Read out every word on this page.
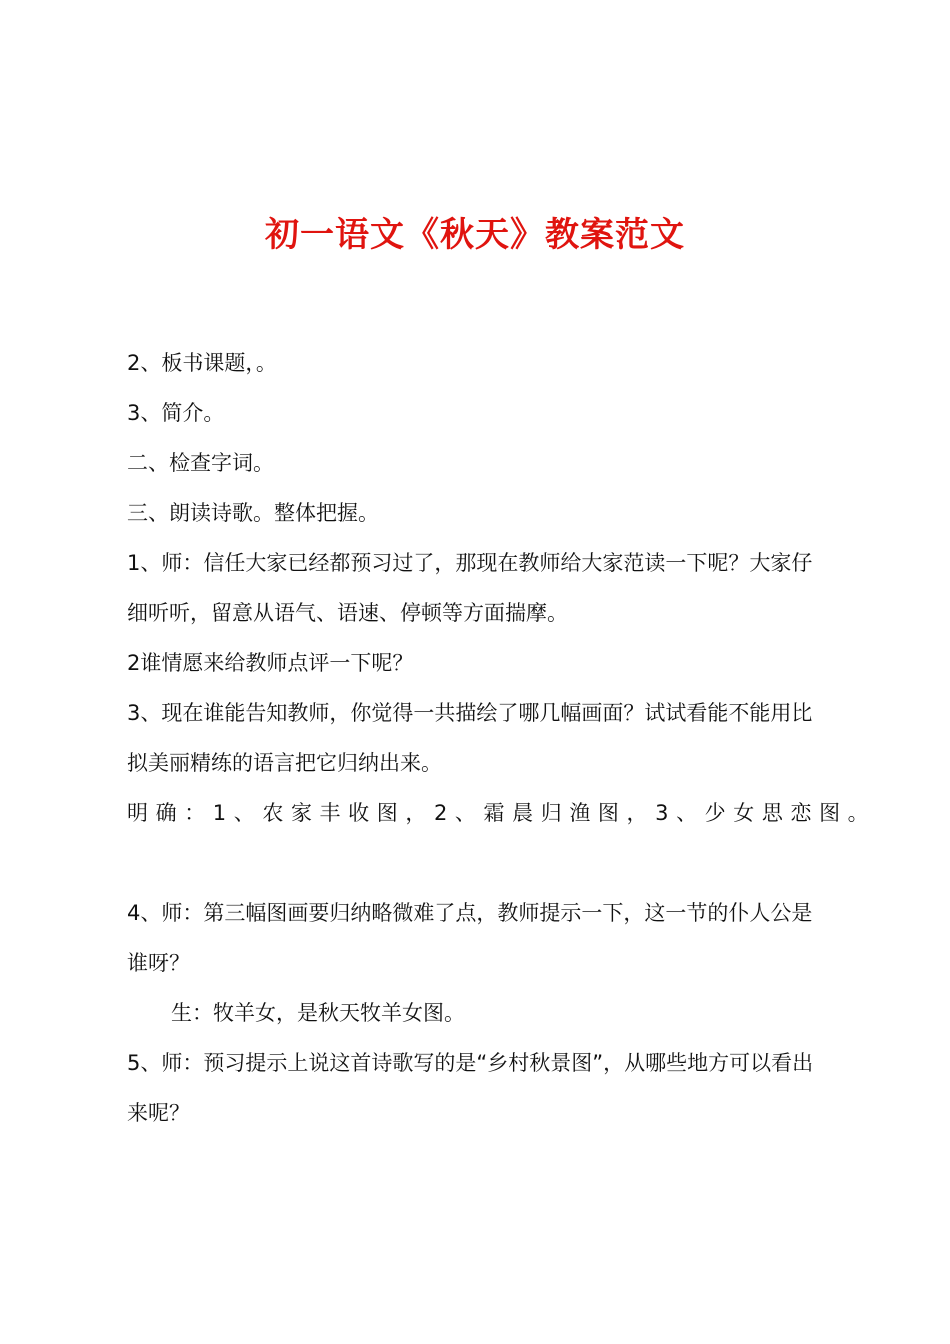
初一语文《秋天》教案范文

2、板书课题，。

3、简介。

二、检查字词。

三、朗读诗歌。整体把握。

1、师：信任大家已经都预习过了，那现在教师给大家范读一下呢？大家仔细听听，留意从语气、语速、停顿等方面揣摩。

2谁情愿来给教师点评一下呢？

3、现在谁能告知教师，你觉得一共描绘了哪几幅画面？试试看能不能用比拟美丽精练的语言把它归纳出来。

明确：1、农家丰收图，2、霜晨归渔图，3、少女思恋图。

4、师：第三幅图画要归纳略微难了点，教师提示一下，这一节的仆人公是谁呀？

生：牧羊女，是秋天牧羊女图。

5、师：预习提示上说这首诗歌写的是“乡村秋景图”，从哪些地方可以看出来呢？
